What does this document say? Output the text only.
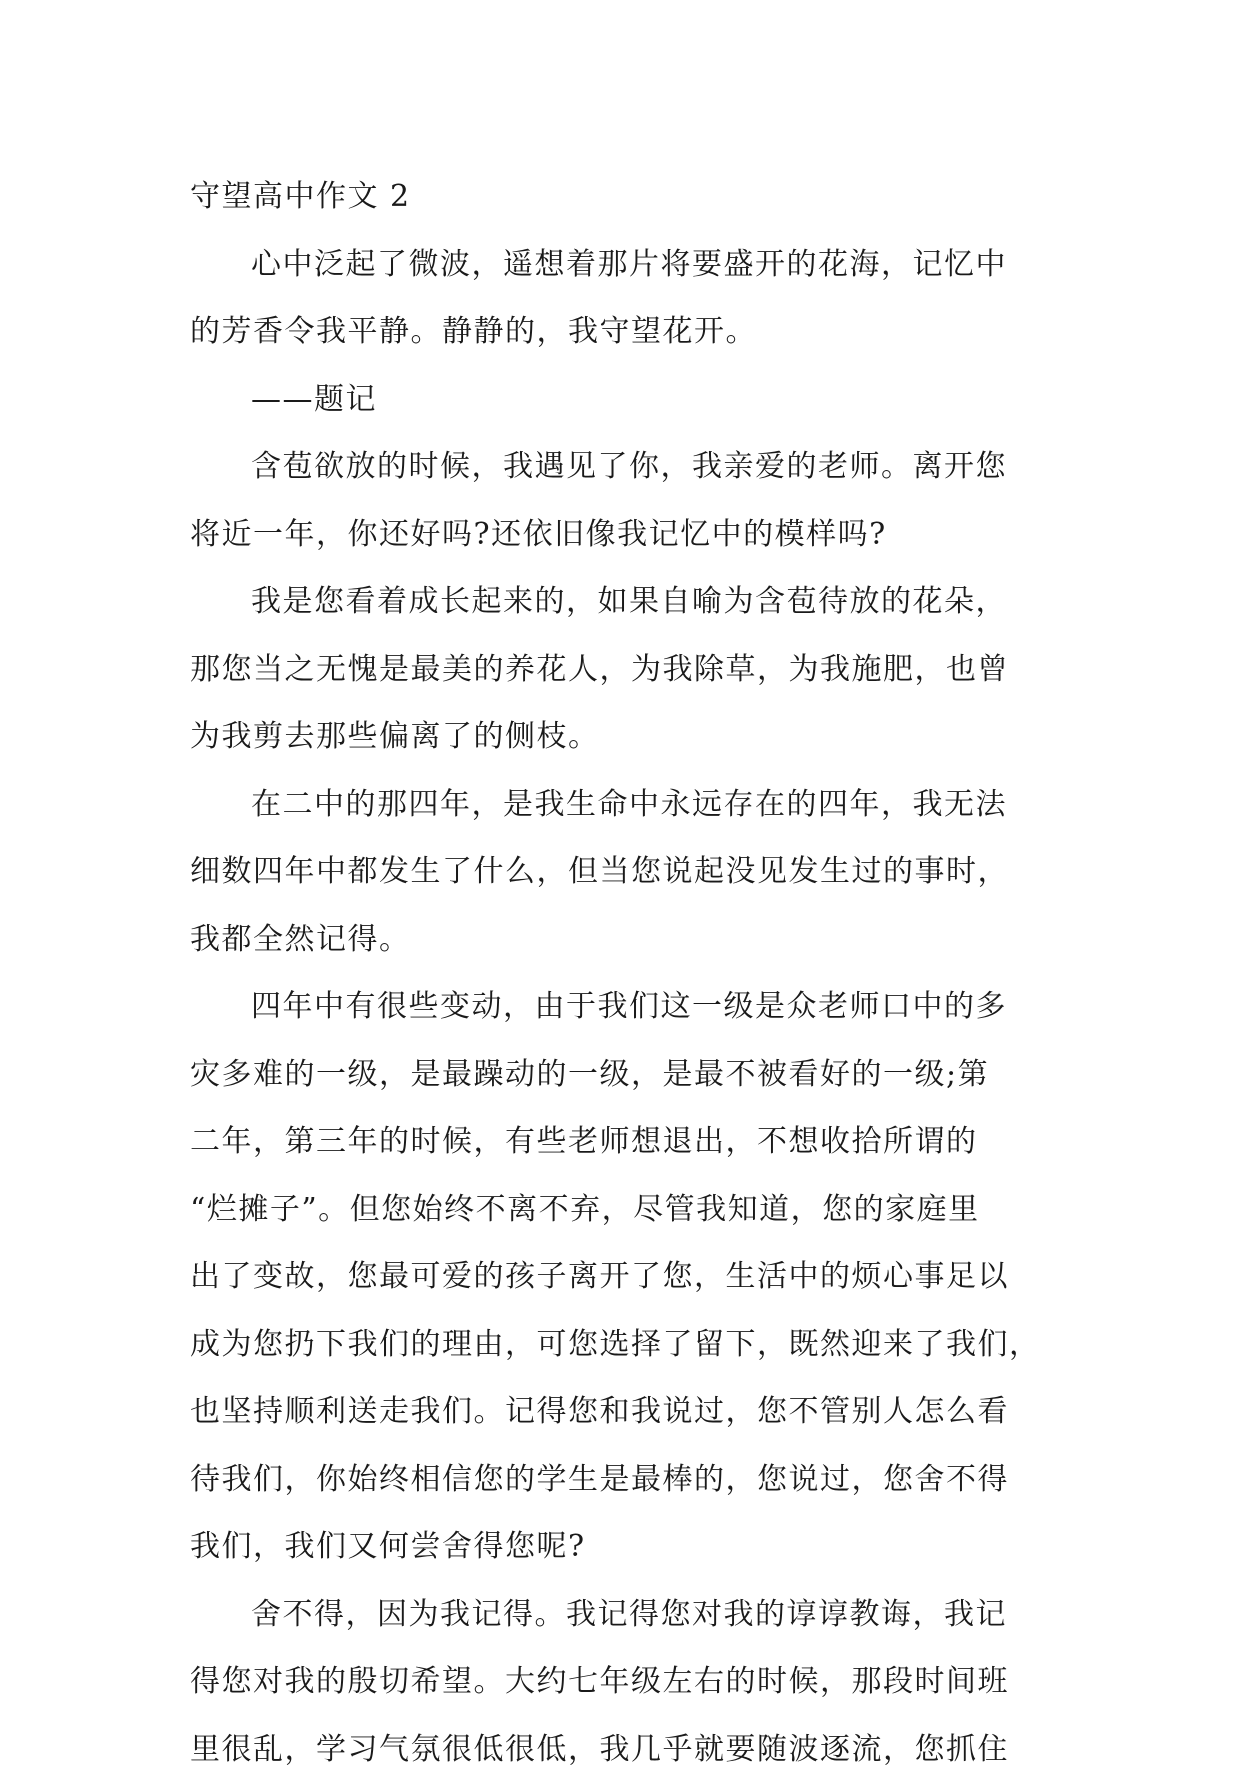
守望高中作文 2
心中泛起了微波，遥想着那片将要盛开的花海，记忆中
的芳香令我平静。静静的，我守望花开。
——题记
含苞欲放的时候，我遇见了你，我亲爱的老师。离开您
将近一年，你还好吗?还依旧像我记忆中的模样吗?
我是您看着成长起来的，如果自喻为含苞待放的花朵，
那您当之无愧是最美的养花人，为我除草，为我施肥，也曾
为我剪去那些偏离了的侧枝。
在二中的那四年，是我生命中永远存在的四年，我无法
细数四年中都发生了什么，但当您说起没见发生过的事时，
我都全然记得。
四年中有很些变动，由于我们这一级是众老师口中的多
灾多难的一级，是最躁动的一级，是最不被看好的一级;第
二年，第三年的时候，有些老师想退出，不想收拾所谓的
“烂摊子”。但您始终不离不弃，尽管我知道，您的家庭里
出了变故，您最可爱的孩子离开了您，生活中的烦心事足以
成为您扔下我们的理由，可您选择了留下，既然迎来了我们，
也坚持顺利送走我们。记得您和我说过，您不管别人怎么看
待我们，你始终相信您的学生是最棒的，您说过，您舍不得
我们，我们又何尝舍得您呢?
舍不得，因为我记得。我记得您对我的谆谆教诲，我记
得您对我的殷切希望。大约七年级左右的时候，那段时间班
里很乱，学习气氛很低很低，我几乎就要随波逐流，您抓住
